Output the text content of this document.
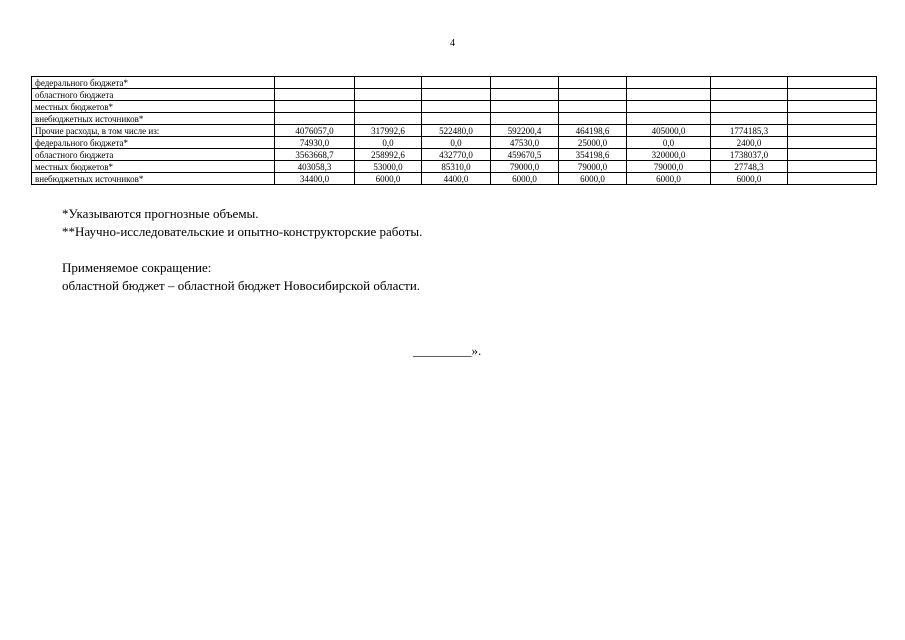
4
федерального бюджета*								
областного бюджета								
местных бюджетов*								
внебюджетных источников*								
Прочие расходы, в том числе из:	4076057,0	317992,6	522480,0	592200,4	464198,6	405000,0	1774185,3	
федерального бюджета*	74930,0	0,0	0,0	47530,0	25000,0	0,0	2400,0	
областного бюджета	3563668,7	258992,6	432770,0	459670,5	354198,6	320000,0	1738037,0	
местных бюджетов*	403058,3	53000,0	85310,0	79000,0	79000,0	79000,0	27748,3	
внебюджетных источников*	34400,0	6000,0	4400,0	6000,0	6000,0	6000,0	6000,0	

*Указываются прогнозные объемы.

**Научно-исследовательские и опытно-конструкторские работы.

Применяемое сокращение:

областной бюджет – областной бюджет Новосибирской области.

_________».
